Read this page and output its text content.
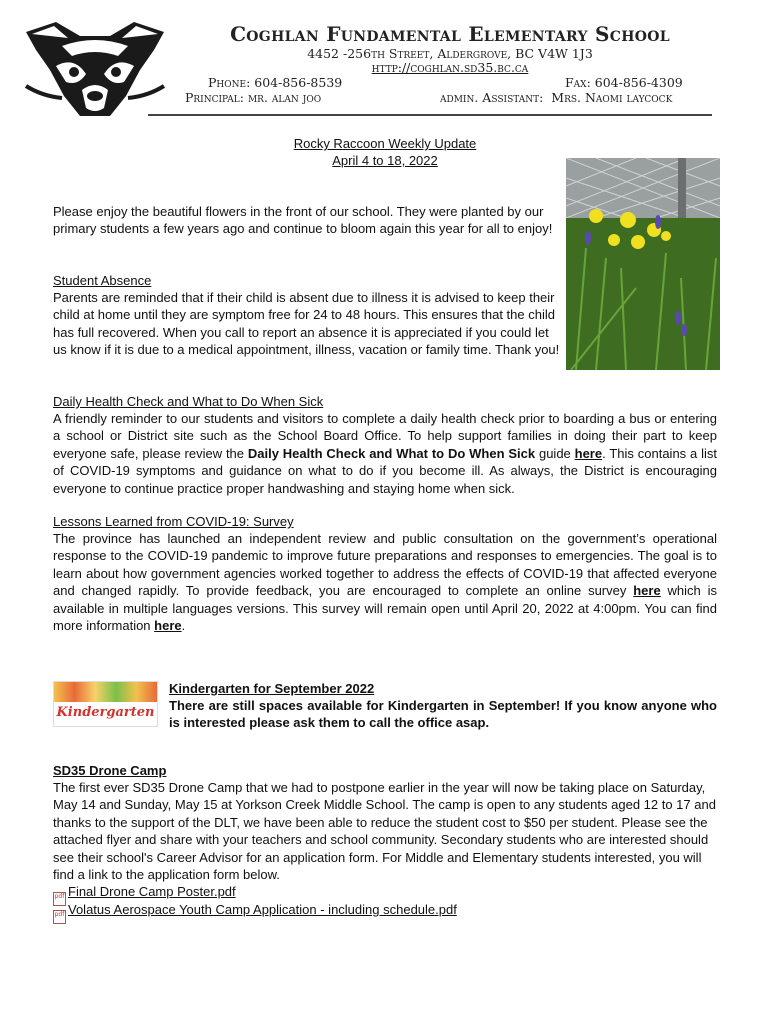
Coghlan Fundamental Elementary School
4452 -256th Street, Aldergrove, BC V4W 1J3
http://coghlan.sd35.bc.ca
Phone: 604-856-8539	Fax: 604-856-4309
Principal: mr. alan joo	admin. Assistant:  Mrs. Naomi laycock
Rocky Raccoon Weekly Update
April 4 to 18, 2022
Please enjoy the beautiful flowers in the front of our school. They were planted by our primary students a few years ago and continue to bloom again this year for all to enjoy!
Student Absence
Parents are reminded that if their child is absent due to illness it is advised to keep their child at home until they are symptom free for 24 to 48 hours. This ensures that the child has full recovered. When you call to report an absence it is appreciated if you could let us know if it is due to a medical appointment, illness, vacation or family time. Thank you!
Daily Health Check and What to Do When Sick
A friendly reminder to our students and visitors to complete a daily health check prior to boarding a bus or entering a school or District site such as the School Board Office. To help support families in doing their part to keep everyone safe, please review the Daily Health Check and What to Do When Sick guide here. This contains a list of COVID-19 symptoms and guidance on what to do if you become ill. As always, the District is encouraging everyone to continue practice proper handwashing and staying home when sick.
Lessons Learned from COVID-19: Survey
The province has launched an independent review and public consultation on the government’s operational response to the COVID-19 pandemic to improve future preparations and responses to emergencies. The goal is to learn about how government agencies worked together to address the effects of COVID-19 that affected everyone and changed rapidly. To provide feedback, you are encouraged to complete an online survey here which is available in multiple languages versions. This survey will remain open until April 20, 2022 at 4:00pm. You can find more information here.
Kindergarten
Kindergarten for September 2022
There are still spaces available for Kindergarten in September! If you know anyone who is interested please ask them to call the office asap.
SD35 Drone Camp
The first ever SD35 Drone Camp that we had to postpone earlier in the year will now be taking place on Saturday, May 14 and Sunday, May 15 at Yorkson Creek Middle School. The camp is open to any students aged 12 to 17 and thanks to the support of the DLT, we have been able to reduce the student cost to $50 per student. Please see the attached flyer and share with your teachers and school community. Secondary students who are interested should see their school's Career Advisor for an application form. For Middle and Elementary students interested, you will find a link to the application form below.
pdf Final Drone Camp Poster.pdf
pdf Volatus Aerospace Youth Camp Application - including schedule.pdf
